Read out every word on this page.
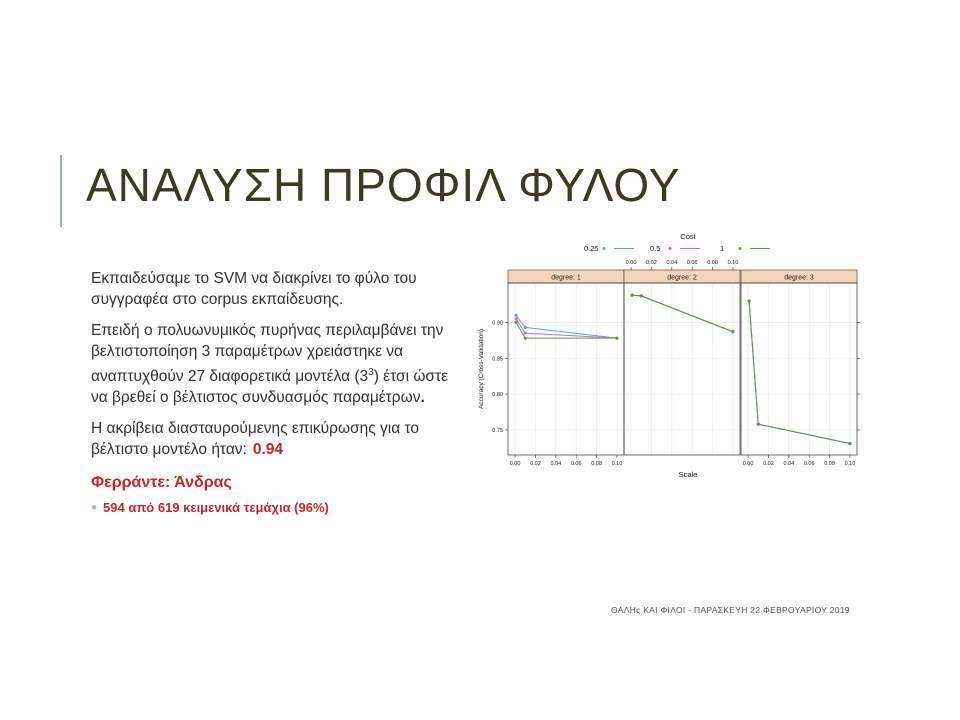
ΑΝΑΛΥΣΗ ΠΡΟΦΙΛ ΦΥΛΟΥ

Εκπαιδεύσαμε το SVM να διακρίνει το φύλο του συγγραφέα στο corpus εκπαίδευσης.

Επειδή ο πολυωνυμικός πυρήνας περιλαμβάνει την βελτιστοποίηση 3 παραμέτρων χρειάστηκε να αναπτυχθούν 27 διαφορετικά μοντέλα $(3^3)$ έτσι ώστε να βρεθεί ο βέλτιστος συνδυασμός παραμέτρων.

Η ακρίβεια διασταυρούμενης επικύρωσης για το βέλτιστο μοντέλο ήταν: 0.94

Φερράντε: Άνδρας
● 594 από 619 κειμενικά τεμάχια (96%)
Cost
0.25	0.5	1
degree: 1
0.00 0.02 0.04 0.06 0.08 0.10
degree: 2
0.00 0.02 0.04 0.06 0.08 0.10
degree: 3
0.00 0.02 0.04 0.06 0.08 0.10
0.75
0.80
0.85
0.90
Scale
Accuracy (Cross-Validation)
ΘΑΛΗς ΚΑΙ ΦΙΛΟΙ - ΠΑΡΑΣΚΕΥΗ 22 ΦΕΒΡΟΥΑΡΙΟΥ 2019
